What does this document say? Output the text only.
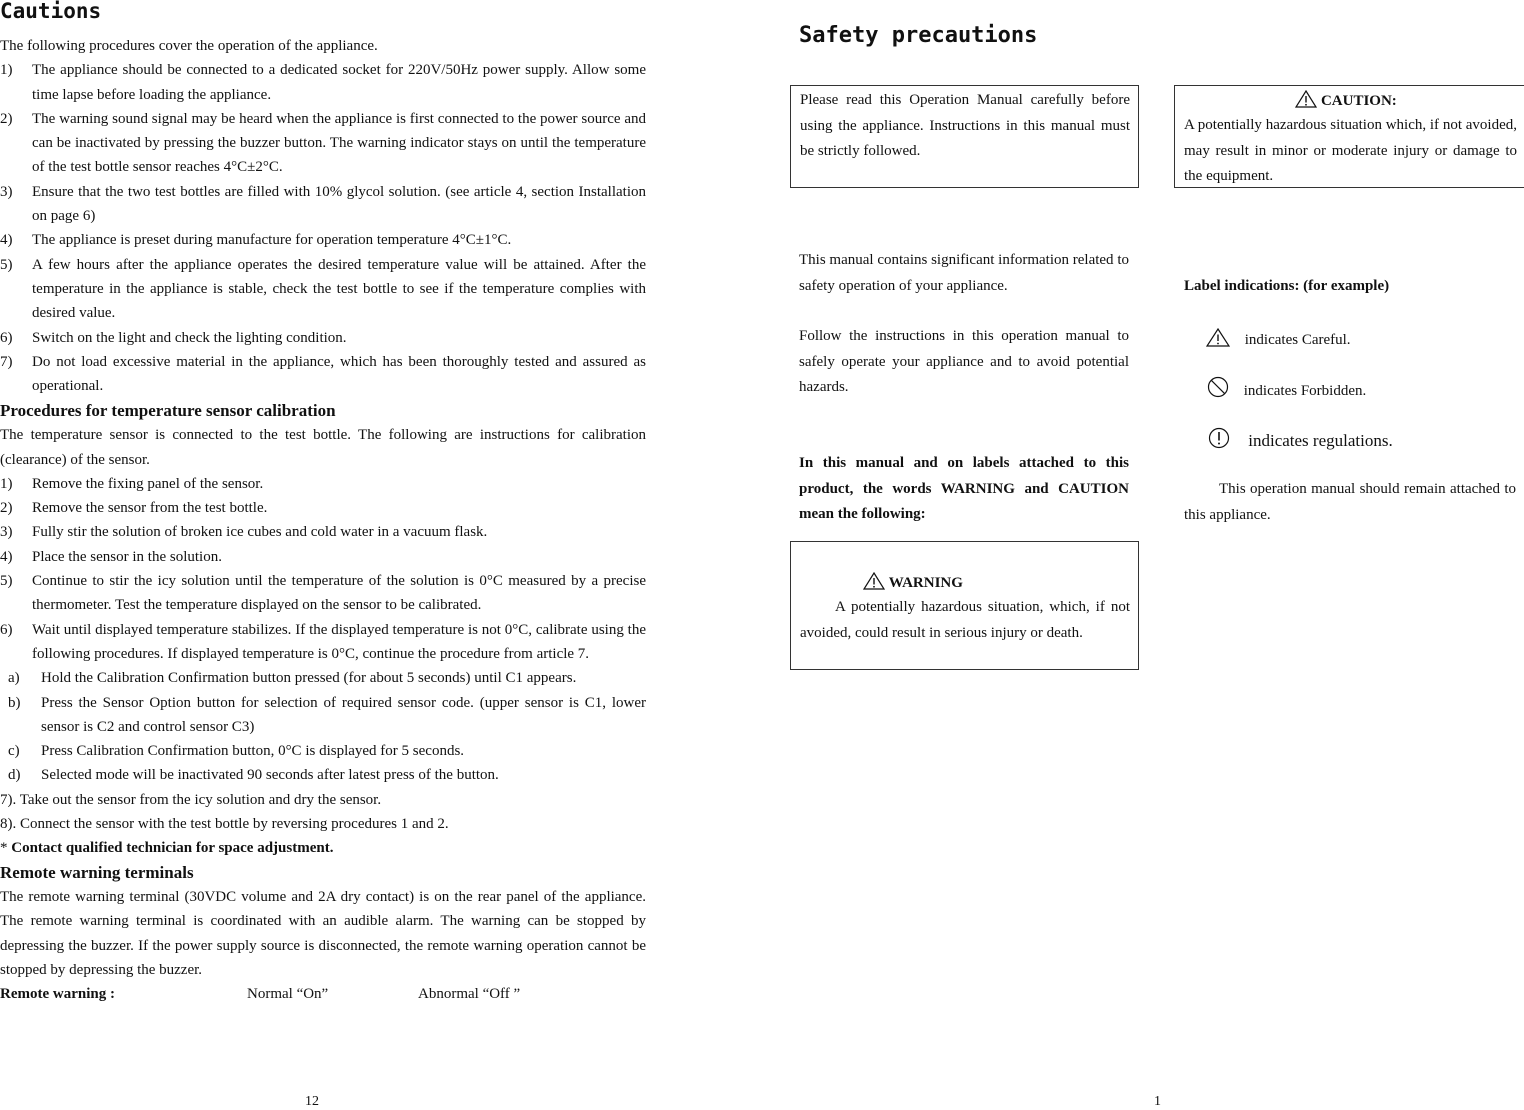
Cautions
The following procedures cover the operation of the appliance.
1)	The appliance should be connected to a dedicated socket for 220V/50Hz power supply. Allow some time lapse before loading the appliance.
2)	The warning sound signal may be heard when the appliance is first connected to the power source and can be inactivated by pressing the buzzer button. The warning indicator stays on until the temperature of the test bottle sensor reaches 4°C±2°C.
3)	Ensure that the two test bottles are filled with 10% glycol solution. (see article 4, section Installation on page 6)
4)	The appliance is preset during manufacture for operation temperature 4°C±1°C.
5)	A few hours after the appliance operates the desired temperature value will be attained. After the temperature in the appliance is stable, check the test bottle to see if the temperature complies with desired value.
6)	Switch on the light and check the lighting condition.
7)	Do not load excessive material in the appliance, which has been thoroughly tested and assured as operational.
Procedures for temperature sensor calibration
The temperature sensor is connected to the test bottle. The following are instructions for calibration (clearance) of the sensor.
1)	Remove the fixing panel of the sensor.
2)	Remove the sensor from the test bottle.
3)	Fully stir the solution of broken ice cubes and cold water in a vacuum flask.
4)	Place the sensor in the solution.
5)	Continue to stir the icy solution until the temperature of the solution is 0°C measured by a precise thermometer. Test the temperature displayed on the sensor to be calibrated.
6)	Wait until displayed temperature stabilizes. If the displayed temperature is not 0°C, calibrate using the following procedures. If displayed temperature is 0°C, continue the procedure from article 7.
a)	Hold the Calibration Confirmation button pressed (for about 5 seconds) until C1 appears.
b)	Press the Sensor Option button for selection of required sensor code. (upper sensor is C1, lower sensor is C2 and control sensor C3)
c)	Press Calibration Confirmation button, 0°C is displayed for 5 seconds.
d)	Selected mode will be inactivated 90 seconds after latest press of the button.
7). Take out the sensor from the icy solution and dry the sensor.
8). Connect the sensor with the test bottle by reversing procedures 1 and 2.
* Contact qualified technician for space adjustment.
Remote warning terminals
The remote warning terminal (30VDC volume and 2A dry contact) is on the rear panel of the appliance. The remote warning terminal is coordinated with an audible alarm. The warning can be stopped by depressing the buzzer. If the power supply source is disconnected, the remote warning operation cannot be stopped by depressing the buzzer.
Remote warning :	Normal “On”	Abnormal “Off ”
12
Safety precautions
Please read this Operation Manual carefully before using the appliance. Instructions in this manual must be strictly followed.
CAUTION:
A potentially hazardous situation which, if not avoided, may result in minor or moderate injury or damage to the equipment.
This manual contains significant information related to safety operation of your appliance.
Follow the instructions in this operation manual to safely operate your appliance and to avoid potential hazards.
In this manual and on labels attached to this product, the words WARNING and CAUTION mean the following:
WARNING
A potentially hazardous situation, which, if not avoided, could result in serious injury or death.
Label indications: (for example)
indicates Careful.
indicates Forbidden.
indicates regulations.
This operation manual should remain attached to this appliance.
1
